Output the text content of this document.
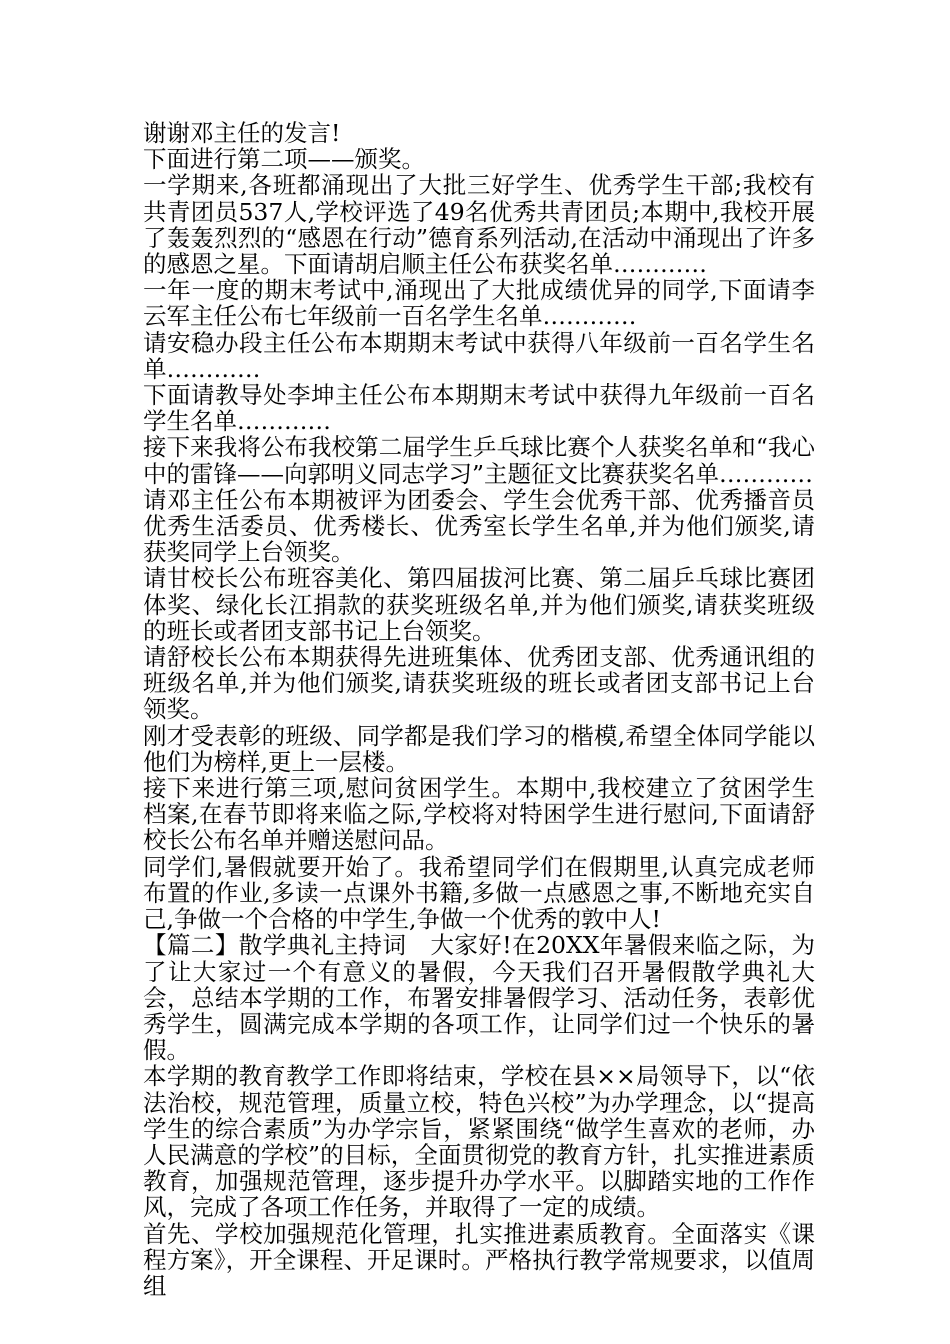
谢谢邓主任的发言!

下面进行第二项——颁奖。

一学期来,各班都涌现出了大批三好学生、优秀学生干部;我校有共青团员537人,学校评选了49名优秀共青团员;本期中,我校开展了轰轰烈烈的“感恩在行动”德育系列活动,在活动中涌现出了许多的感恩之星。下面请胡启顺主任公布获奖名单…………

一年一度的期末考试中,涌现出了大批成绩优异的同学,下面请李云军主任公布七年级前一百名学生名单…………

请安稳办段主任公布本期期末考试中获得八年级前一百名学生名单…………

下面请教导处李坤主任公布本期期末考试中获得九年级前一百名学生名单…………

接下来我将公布我校第二届学生乒乓球比赛个人获奖名单和“我心中的雷锋——向郭明义同志学习”主题征文比赛获奖名单…………

请邓主任公布本期被评为团委会、学生会优秀干部、优秀播音员优秀生活委员、优秀楼长、优秀室长学生名单,并为他们颁奖,请获奖同学上台领奖。

请甘校长公布班容美化、第四届拔河比赛、第二届乒乓球比赛团体奖、绿化长江捐款的获奖班级名单,并为他们颁奖,请获奖班级的班长或者团支部书记上台领奖。

请舒校长公布本期获得先进班集体、优秀团支部、优秀通讯组的班级名单,并为他们颁奖,请获奖班级的班长或者团支部书记上台领奖。

刚才受表彰的班级、同学都是我们学习的楷模,希望全体同学能以他们为榜样,更上一层楼。

接下来进行第三项,慰问贫困学生。本期中,我校建立了贫困学生档案,在春节即将来临之际,学校将对特困学生进行慰问,下面请舒校长公布名单并赠送慰问品。

同学们,暑假就要开始了。我希望同学们在假期里,认真完成老师布置的作业,多读一点课外书籍,多做一点感恩之事,不断地充实自己,争做一个合格的中学生,争做一个优秀的敦中人!

【篇二】散学典礼主持词　大家好!在20XX年暑假来临之际，为了让大家过一个有意义的暑假，今天我们召开暑假散学典礼大会，总结本学期的工作，布署安排暑假学习、活动任务，表彰优秀学生，圆满完成本学期的各项工作，让同学们过一个快乐的暑假。

本学期的教育教学工作即将结束，学校在县××局领导下，以“依法治校，规范管理，质量立校，特色兴校”为办学理念，以“提高学生的综合素质”为办学宗旨，紧紧围绕“做学生喜欢的老师，办人民满意的学校”的目标，全面贯彻党的教育方针，扎实推进素质教育，加强规范管理，逐步提升办学水平。以脚踏实地的工作作风，完成了各项工作任务，并取得了一定的成绩。

首先、学校加强规范化管理，扎实推进素质教育。全面落实《课程方案》，开全课程、开足课时。严格执行教学常规要求，以值周组
